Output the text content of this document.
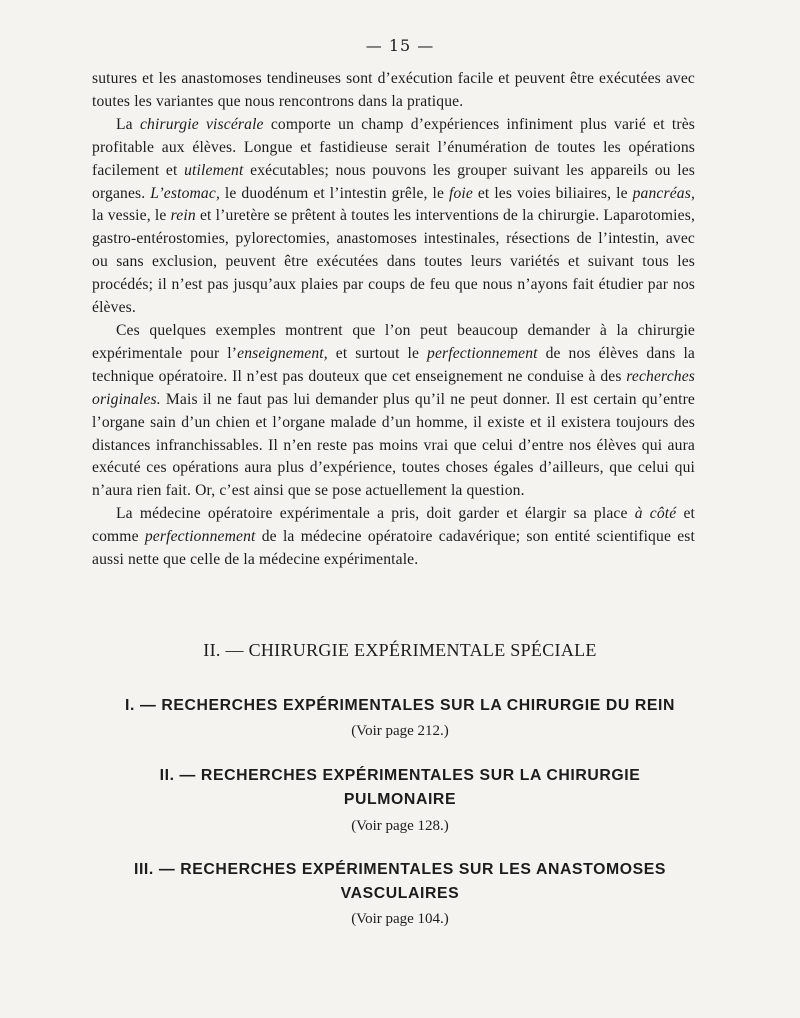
— 15 —

sutures et les anastomoses tendineuses sont d’exécution facile et peuvent être exécutées avec toutes les variantes que nous rencontrons dans la pratique.

La chirurgie viscérale comporte un champ d’expériences infiniment plus varié et très profitable aux élèves. Longue et fastidieuse serait l’énumération de toutes les opérations facilement et utilement exécutables; nous pouvons les grouper suivant les appareils ou les organes. L’estomac, le duodénum et l’intestin grêle, le foie et les voies biliaires, le pancréas, la vessie, le rein et l’uretère se prêtent à toutes les interventions de la chirurgie. Laparotomies, gastro-entérostomies, pylorectomies, anastomoses intestinales, résections de l’intestin, avec ou sans exclusion, peuvent être exécutées dans toutes leurs variétés et suivant tous les procédés; il n’est pas jusqu’aux plaies par coups de feu que nous n’ayons fait étudier par nos élèves.

Ces quelques exemples montrent que l’on peut beaucoup demander à la chirurgie expérimentale pour l’enseignement, et surtout le perfectionnement de nos élèves dans la technique opératoire. Il n’est pas douteux que cet enseignement ne conduise à des recherches originales. Mais il ne faut pas lui demander plus qu’il ne peut donner. Il est certain qu’entre l’organe sain d’un chien et l’organe malade d’un homme, il existe et il existera toujours des distances infranchissables. Il n’en reste pas moins vrai que celui d’entre nos élèves qui aura exécuté ces opérations aura plus d’expérience, toutes choses égales d’ailleurs, que celui qui n’aura rien fait. Or, c’est ainsi que se pose actuellement la question.

La médecine opératoire expérimentale a pris, doit garder et élargir sa place à côté et comme perfectionnement de la médecine opératoire cadavérique; son entité scientifique est aussi nette que celle de la médecine expérimentale.

II. — CHIRURGIE EXPÉRIMENTALE SPÉCIALE
I. — RECHERCHES EXPÉRIMENTALES SUR LA CHIRURGIE DU REIN
(Voir page 212.)
II. — RECHERCHES EXPÉRIMENTALES SUR LA CHIRURGIE PULMONAIRE
(Voir page 128.)
III. — RECHERCHES EXPÉRIMENTALES SUR LES ANASTOMOSES VASCULAIRES
(Voir page 104.)
